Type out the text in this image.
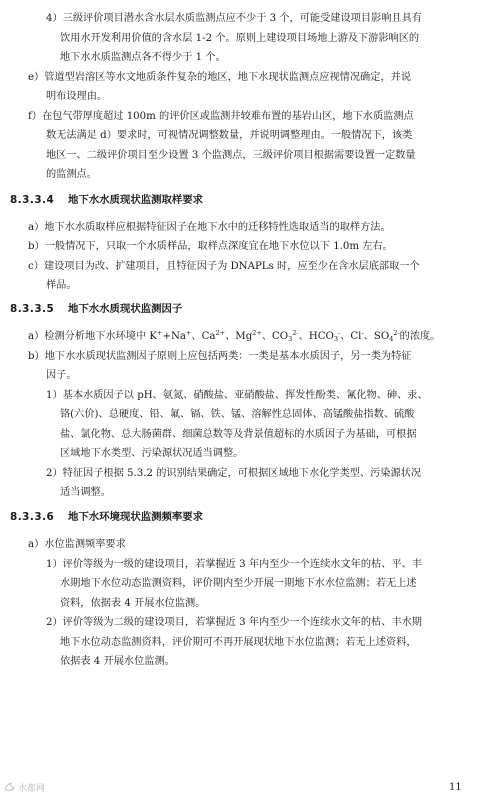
4）三级评价项目潜水含水层水质监测点应不少于 3 个，可能受建设项目影响且具有
饮用水开发利用价值的含水层 1-2 个。原则上建设项目场地上游及下游影响区的
地下水水质监测点各不得少于 1 个。
e）管道型岩溶区等水文地质条件复杂的地区，地下水现状监测点应视情况确定，并说
明布设理由。
f）在包气带厚度超过 100m 的评价区或监测井较难布置的基岩山区，地下水质监测点
数无法满足 d）要求时，可视情况调整数量，并说明调整理由。一般情况下，该类
地区一、二级评价项目至少设置 3 个监测点，三级评价项目根据需要设置一定数量
的监测点。
8.3.3.4 地下水水质现状监测取样要求
a）地下水水质取样应根据特征因子在地下水中的迁移特性选取适当的取样方法。
b）一般情况下，只取一个水质样品，取样点深度宜在地下水位以下 1.0m 左右。
c）建设项目为改、扩建项目，且特征因子为 DNAPLs 时，应至少在含水层底部取一个
样品。
8.3.3.5 地下水水质现状监测因子
a）检测分析地下水环境中 K++Na+、$Ca^{2+}$、$Mg^{2+}$、$CO_3^{2-}$、$HCO_3^-$、Cl-、$SO_4^{2-}$的浓度。
b）地下水水质现状监测因子原则上应包括两类：一类是基本水质因子，另一类为特征
因子。
1）基本水质因子以 pH、氨氮、硝酸盐、亚硝酸盐、挥发性酚类、氰化物、砷、汞、
铬(六价)、总硬度、铅、氟、镉、铁、锰、溶解性总固体、高锰酸盐指数、硫酸
盐、氯化物、总大肠菌群、细菌总数等及背景值超标的水质因子为基础，可根据
区域地下水类型、污染源状况适当调整。
2）特征因子根据 5.3.2 的识别结果确定，可根据区域地下水化学类型、污染源状况
适当调整。
8.3.3.6 地下水环境现状监测频率要求
a）水位监测频率要求
1）评价等级为一级的建设项目，若掌握近 3 年内至少一个连续水文年的枯、平、丰
水期地下水位动态监测资料，评价期内至少开展一期地下水水位监测；若无上述
资料，依据表 4 开展水位监测。
2）评价等级为二级的建设项目，若掌握近 3 年内至少一个连续水文年的枯、丰水期
地下水位动态监测资料，评价期可不再开展现状地下水位监测；若无上述资料，
依据表 4 开展水位监测。
水都网	11
